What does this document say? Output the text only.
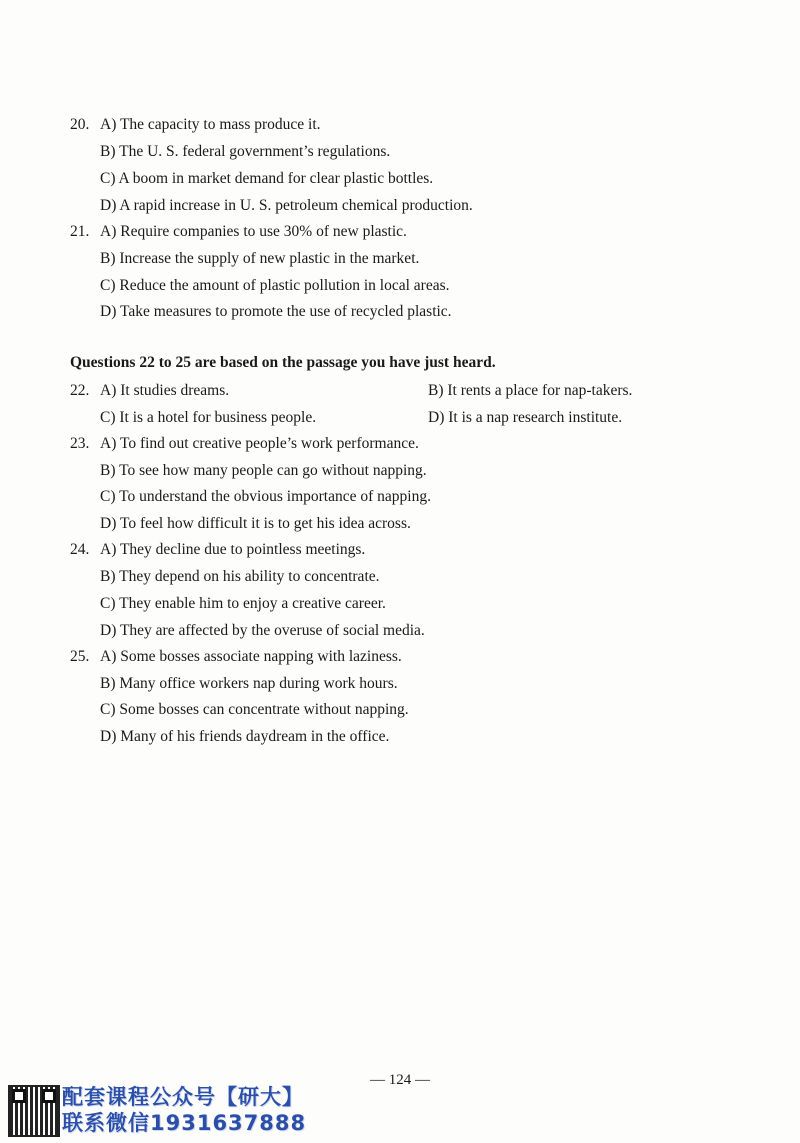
20. A) The capacity to mass produce it.
B) The U. S. federal government’s regulations.
C) A boom in market demand for clear plastic bottles.
D) A rapid increase in U. S. petroleum chemical production.
21. A) Require companies to use 30% of new plastic.
B) Increase the supply of new plastic in the market.
C) Reduce the amount of plastic pollution in local areas.
D) Take measures to promote the use of recycled plastic.
Questions 22 to 25 are based on the passage you have just heard.
22. A) It studies dreams.	B) It rents a place for nap-takers.
C) It is a hotel for business people.	D) It is a nap research institute.
23. A) To find out creative people’s work performance.
B) To see how many people can go without napping.
C) To understand the obvious importance of napping.
D) To feel how difficult it is to get his idea across.
24. A) They decline due to pointless meetings.
B) They depend on his ability to concentrate.
C) They enable him to enjoy a creative career.
D) They are affected by the overuse of social media.
25. A) Some bosses associate napping with laziness.
B) Many office workers nap during work hours.
C) Some bosses can concentrate without napping.
D) Many of his friends daydream in the office.
— 124 —
配套课程公众号【研大】
联系微信1931637888
